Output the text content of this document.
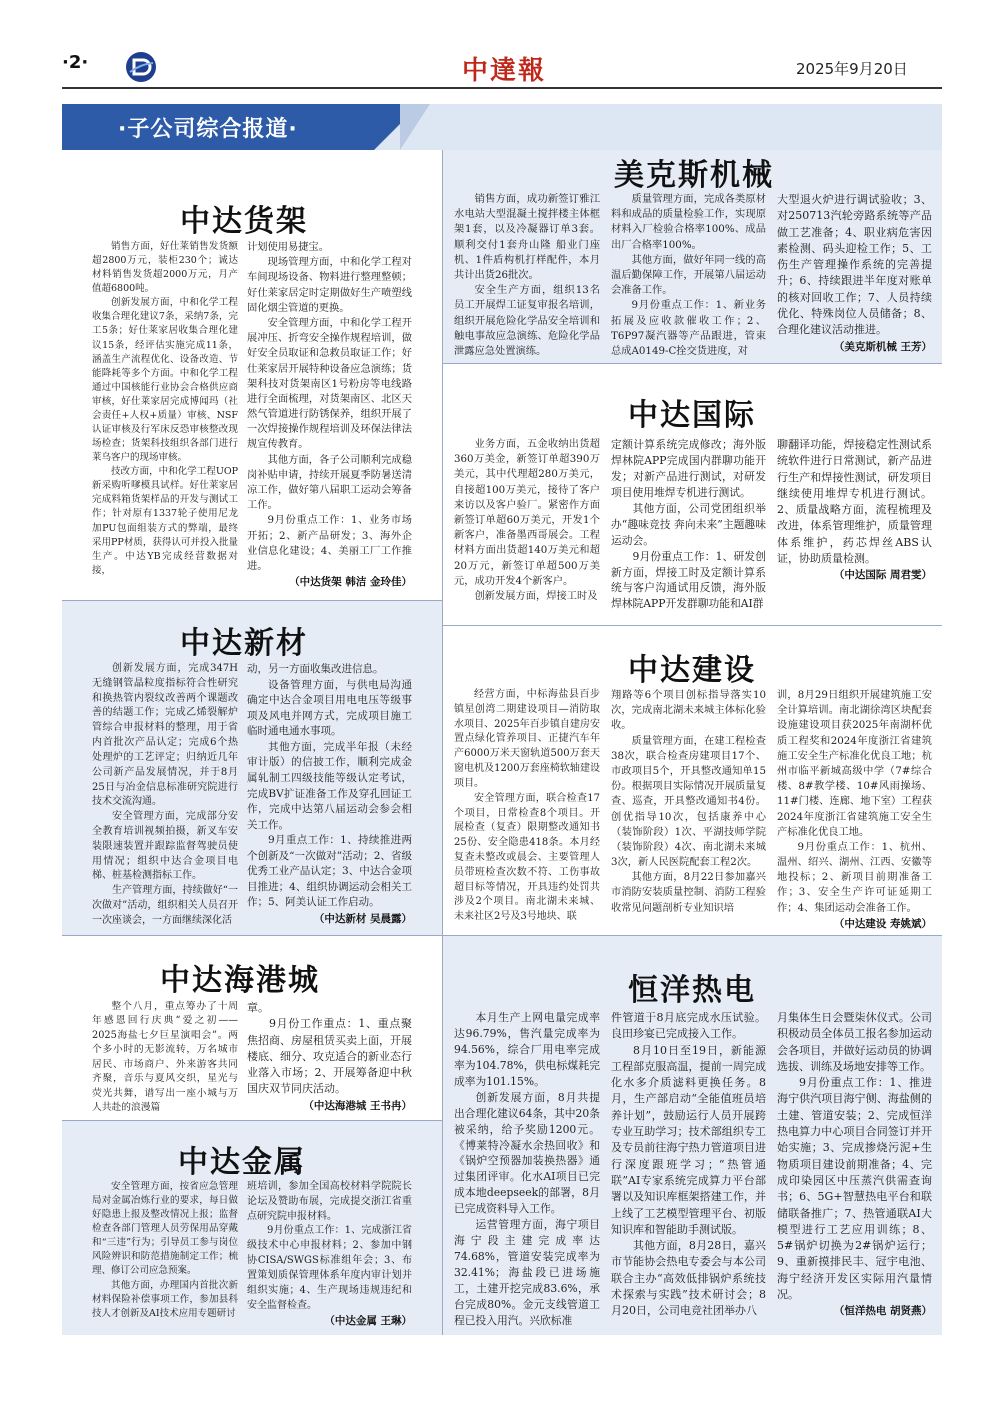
·2·	中達報	2025年9月20日
·子公司综合报道·
中达货架

销售方面，好仕莱销售发货额超2800万元，装柜230个；诚达材料销售发货超2000万元，月产值超6800吨。

创新发展方面，中和化学工程收集合理化建议7条，采纳7条，完工5条；好仕莱家居收集合理化建议15条，经评估实施完成11条，涵盖生产流程优化、设备改造、节能降耗等多个方面。中和化学工程通过中国核能行业协会合格供应商审核，好仕莱家居完成博闻玛（社会责任+人权+质量）审核、NSF认证审核及行军床反恐审核整改现场检查；货架科技组织各部门进行莱乌客户的现场审核。

技改方面，中和化学工程UOP新采购听嗲模具试样。好仕莱家居完成料箱货架样品的开发与测试工作；针对原有1337轮子使用尼龙加PU包面组装方式的弊端，最终采用PP材质，获得认可并投入批量生产。中达YB完成经营数据对接，

计划使用易捷宝。

现场管理方面，中和化学工程对车间现场设备、物料进行整理整顿；好仕莱家居定时定期做好生产喷塑线固化烟尘管道的更换。

安全管理方面，中和化学工程开展冲压、折弯安全操作规程培训，做好安全员取证和急救员取证工作；好仕莱家居开展特种设备应急演练；货架科技对货架南区1号粉房等电线路进行全面梳理，对货架南区、北区天然气管道进行防锈保养，组织开展了一次焊接操作规程培训及环保法律法规宣传教育。

其他方面，各子公司顺利完成稳岗补贴申请，持续开展夏季防暑送清凉工作，做好第八届职工运动会筹备工作。

9月份重点工作：1、业务市场开拓；2、新产品研发；3、海外企业信息化建设；4、美丽工厂工作推进。

（中达货架 韩洁 金玲佳）
中达新材

创新发展方面，完成347H无缝钢管晶粒度指标符合性研究和换热管内裂纹改善两个课题改善的结题工作；完成乙烯裂解炉管综合申报材料的整理，用于省内首批次产品认定；完成6个热处理炉的工艺评定；归纳近几年公司新产品发展情况，并于8月25日与冶金信息标准研究院进行技术交流沟通。

安全管理方面，完成部分安全教育培训视频拍摄，新叉车安装限速装置并跟踪监督驾驶员使用情况；组织中达合金项目电梯、桩基检测指标工作。

生产管理方面，持续做好“一次做对”活动，组织相关人员召开一次座谈会，一方面继续深化活

动，另一方面收集改进信息。

设备管理方面，与供电局沟通确定中达合金项目用电电压等级事项及风电并网方式，完成项目施工临时通电通水事项。

其他方面，完成半年报（未经审计版）的信披工作，顺利完成金属轧制工四级技能等级认定考试，完成BV扩证准备工作及穿孔回证工作，完成中达第八届运动会参会相关工作。

9月重点工作：1、持续推进两个创新及“一次做对”活动；2、省级优秀工业产品认定；3、中达合金项目推进；4、组织协调运动会相关工作；5、阿美认证工作启动。

（中达新材 吴晨露）
中达海港城

整个八月，重点筹办了十周年感恩回行庆典“爱之初——2025海盐七夕巨星演唱会”。两个多小时的无影流转，万名城市居民、市场商户、外来游客共同齐聚，音乐与夏风交织，星光与荧光共舞，谱写出一座小城与万人共赴的浪漫篇

章。

9月份工作重点：1、重点聚焦招商、房屋租赁买卖上面，开展楼底、细分、攻克适合的新业态行业落入市场；2、开展筹备迎中秋国庆双节同庆活动。

（中达海港城 王书冉）
中达金属

安全管理方面，按省应急管理局对金属冶炼行业的要求，每日做好隐患上报及整改情况上报；监督检查各部门管理人员劳保用品穿戴和“三违”行为；引导员工参与岗位风险辨识和防范措施制定工作；梳理、修订公司应急预案。

其他方面，办理国内首批次新材料保险补偿事项工作，参加县科技人才创新及AI技术应用专题研讨

班培训，参加全国高校材料学院院长论坛及赞助布展，完成提交浙江省重点研究院申报材料。

9月份重点工作：1、完成浙江省级技术中心申报材料；2、参加中钢协CISA/SWGS标准组年会；3、布置策划质保管理体系年度内审计划并组织实施；4、生产现场违规违纪和安全监督检查。

（中达金属 王琳）
美克斯机械

销售方面，成功新签订雅江水电站大型混凝土搅拌楼主体框架1套，以及冷凝器订单3套。顺利交付1套舟山隆 船业门座机、1件盾构机打样配件，本月共计出货26批次。

安全生产方面，组织13名员工开展焊工证复审报名培训，组织开展危险化学品安全培训和触电事故应急演练、危险化学品泄露应急处置演练。

质量管理方面，完成各类原材料和成品的质量检验工作，实现原材料入厂检验合格率100%、成品出厂合格率100%。

其他方面，做好年同一线的高温后勤保障工作，开展第八届运动会准备工作。

9月份重点工作：1、新业务拓展及应收款催收工作；2、T6P97凝汽器等产品跟进，管束总成A0149-C拴交货进度，对

大型退火炉进行调试验收；3、对250713汽轮旁路系统等产品做工艺准备；4、职业病危害因素检测、码头迎检工作；5、工伤生产管理操作系统的完善提升；6、持续跟进半年度对账单的核对回收工作；7、人员持续优化、特殊岗位人员储备；8、合理化建议活动推进。

（美克斯机械 王芳）
中达国际

业务方面，五金收纳出货超360万美金，新签订单超390万美元，其中代理超280万美元，自接超100万美元，接待了客户来访以及客户验厂。紧密作方面新签订单超60万美元，开发1个新客户，准备墨西哥展会。工程材料方面出货超140万美元和超20万元，新签订单超500万美元，成功开发4个新客户。

创新发展方面，焊接工时及

定额计算系统完成修改；海外版焊林院APP完成国内群聊功能开发；对新产品进行测试，对研发项目使用堆焊专机进行测试。

其他方面，公司党团组织举办“趣味竞技 奔向未来”主题趣味运动会。

9月份重点工作：1、研发创新方面，焊接工时及定额计算系统与客户沟通试用反馈，海外版焊林院APP开发群聊功能和AI群

聊翻译功能，焊接稳定性测试系统软件进行日常测试，新产品进行生产和焊接性测试，研发项目继续使用堆焊专机进行测试。2、质量战略方面，流程梳理及改进，体系管理维护，质量管理体系维护，药芯焊丝ABS认证，协助质量检测。

（中达国际 周君雯）
中达建设

经营方面，中标海盐县百步镇星创湾二期建设项目—消防取水项目、2025年百步镇自建房安置点绿化管养项目、正捷汽车年产6000万米天窗轨道500万套天窗电机及1200万套座椅软轴建设项目。

安全管理方面，联合检查17个项目，日常检查8个项目。开展检查（复查）限期整改通知书25份、安全隐患418条。本月经复查未整改或晨会、主要管理人员带班检查次数不符、工伤事故超目标等情况，开具违约处罚共涉及2个项目。南北湖未来城、未来社区2号及3号地块、联

翔路等6个项目创标指导落实10次，完成南北湖未来城主体标化验收。

质量管理方面，在建工程检查38次，联合检查房建项目17个、市政项目5个，开具整改通知单15份。根据项目实际情况开展质量复查、巡查，开具整改通知书4份。创优指导10次，包括康养中心（装饰阶段）1次、平湖技师学院（装饰阶段）4次、南北湖未来城3次，新人民医院配套工程2次。

其他方面，8月22日参加嘉兴市消防安装质量控制、消防工程验收常见问题剖析专业知识培

训，8月29日组织开展建筑施工安全计算培训。南北湖徐湾区块配套设施建设项目获2025年南湖杯优质工程奖和2024年度浙江省建筑施工安全生产标准化优良工地；杭州市临平新城高级中学（7#综合楼、8#教学楼、10#风雨操场、11#门楼、连廊、地下室）工程获2024年度浙江省建筑施工安全生产标准化优良工地。

9月份重点工作：1、杭州、温州、绍兴、湖州、江西、安徽等地投标；2、新项目前期准备工作；3、安全生产许可证延期工作；4、集团运动会准备工作。

（中达建设 寿姚斌）
恒洋热电

本月生产上网电量完成率达96.79%，售汽量完成率为94.56%，综合厂用电率完成率为104.78%，供电标煤耗完成率为101.15%。

创新发展方面，8月共提出合理化建议64条，其中20条被采纳，给予奖励1200元。《博莱特冷凝水余热回收》和《锅炉空预器加装换热器》通过集团评审。化水AI项目已完成本地deepseek的部署，8月已完成资料导入工作。

运营管理方面，海宁项目海宁段主建完成率达74.68%，管道安装完成率为32.41%；海盐段已进场施工，土建开挖完成83.6%，承台完成80%。金元支线管道工程已投入用汽。兴欣标准

件管道于8月底完成水压试验。良田珍宴已完成接入工作。

8月10日至19日，新能源工程部克服高温，提前一周完成化水多介质滤料更换任务。8月，生产部启动“全能值班员培养计划”，鼓励运行人员开展跨专业互助学习；技术部组织专工及专员前往海宁热力管道项目进行深度跟班学习；“热管通联”AI专家系统完成算力平台部署以及知识库框架搭建工作，并上线了工艺模型管理平台、初版知识库和智能助手测试版。

其他方面，8月28日，嘉兴市节能协会热电专委会与本公司联合主办“高效低排锅炉系统技术探索与实践”技术研讨会；8月20日，公司电竞社团举办八

月集体生日会暨柒休仪式。公司积极动员全体员工报名参加运动会各项目，并做好运动员的协调选拔、训练及场地安排等工作。

9月份重点工作：1、推进海宁供汽项目海宁侧、海盐侧的土建、管道安装；2、完成恒洋热电算力中心项目合同签订并开始实施；3、完成掺烧污泥+生物质项目建设前期准备；4、完成印染园区中压蒸汽供需查询书；6、5G+智慧热电平台和联储联备推广；7、热管通联AI大模型进行工艺应用训练；8、5#锅炉切换为2#锅炉运行；9、重新摸排民丰、冠宇电池、海宁经济开发区实际用汽量情况。

（恒洋热电 胡贤燕）
